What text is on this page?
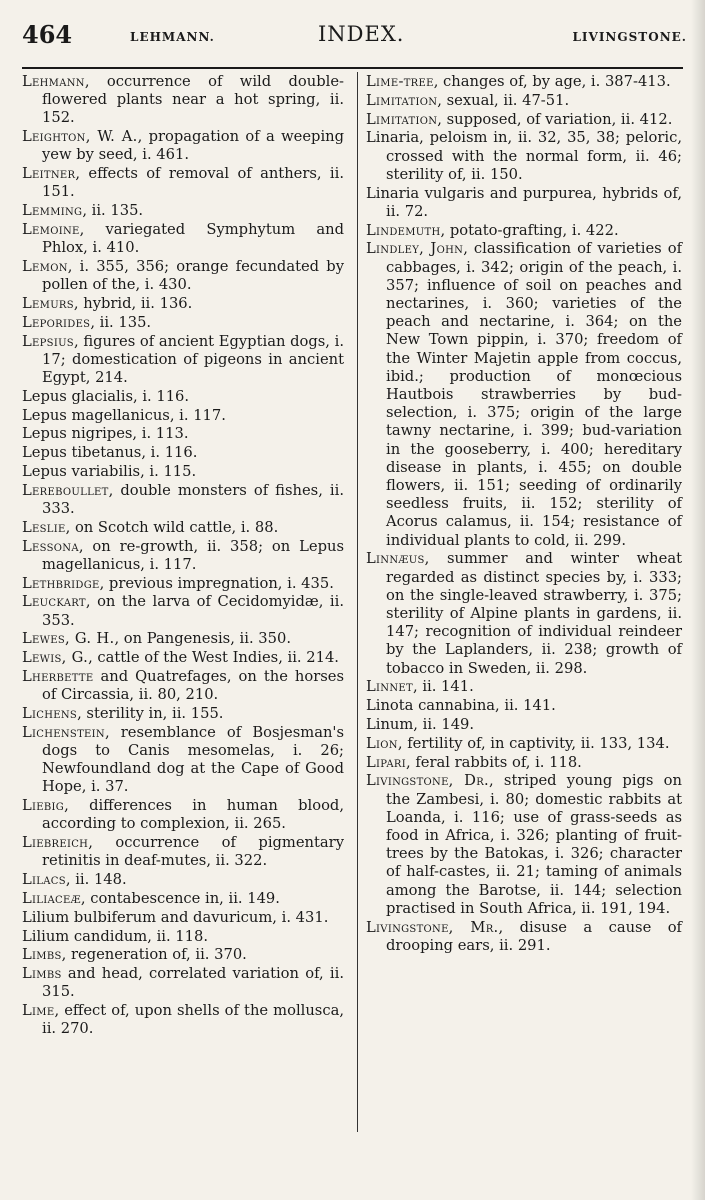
464	LEHMANN.	INDEX.	LIVINGSTONE.

Lehmann, occurrence of wild double-flowered plants near a hot spring, ii. 152.

Leighton, W. A., propagation of a weeping yew by seed, i. 461.

Leitner, effects of removal of anthers, ii. 151.

Lemming, ii. 135.

Lemoine, variegated Symphytum and Phlox, i. 410.

Lemon, i. 355, 356; orange fecundated by pollen of the, i. 430.

Lemurs, hybrid, ii. 136.

Leporides, ii. 135.

Lepsius, figures of ancient Egyptian dogs, i. 17; domestication of pigeons in ancient Egypt, 214.

Lepus glacialis, i. 116.

Lepus magellanicus, i. 117.

Lepus nigripes, i. 113.

Lepus tibetanus, i. 116.

Lepus variabilis, i. 115.

Lereboullet, double monsters of fishes, ii. 333.

Leslie, on Scotch wild cattle, i. 88.

Lessona, on re-growth, ii. 358; on Lepus magellanicus, i. 117.

Lethbridge, previous impregnation, i. 435.

Leuckart, on the larva of Cecidomyidæ, ii. 353.

Lewes, G. H., on Pangenesis, ii. 350.

Lewis, G., cattle of the West Indies, ii. 214.

Lherbette and Quatrefages, on the horses of Circassia, ii. 80, 210.

Lichens, sterility in, ii. 155.

Lichenstein, resemblance of Bosjesman's dogs to Canis mesomelas, i. 26; Newfoundland dog at the Cape of Good Hope, i. 37.

Liebig, differences in human blood, according to complexion, ii. 265.

Liebreich, occurrence of pigmentary retinitis in deaf-mutes, ii. 322.

Lilacs, ii. 148.

Liliaceæ, contabescence in, ii. 149.

Lilium bulbiferum and davuricum, i. 431.

Lilium candidum, ii. 118.

Limbs, regeneration of, ii. 370.

Limbs and head, correlated variation of, ii. 315.

Lime, effect of, upon shells of the mollusca, ii. 270.

Lime-tree, changes of, by age, i. 387-413.

Limitation, sexual, ii. 47-51.

Limitation, supposed, of variation, ii. 412.

Linaria, peloism in, ii. 32, 35, 38; peloric, crossed with the normal form, ii. 46; sterility of, ii. 150.

Linaria vulgaris and purpurea, hybrids of, ii. 72.

Lindemuth, potato-grafting, i. 422.

Lindley, John, classification of varieties of cabbages, i. 342; origin of the peach, i. 357; influence of soil on peaches and nectarines, i. 360; varieties of the peach and nectarine, i. 364; on the New Town pippin, i. 370; freedom of the Winter Majetin apple from coccus, ibid.; production of monœcious Hautbois strawberries by bud-selection, i. 375; origin of the large tawny nectarine, i. 399; bud-variation in the gooseberry, i. 400; hereditary disease in plants, i. 455; on double flowers, ii. 151; seeding of ordinarily seedless fruits, ii. 152; sterility of Acorus calamus, ii. 154; resistance of individual plants to cold, ii. 299.

Linnæus, summer and winter wheat regarded as distinct species by, i. 333; on the single-leaved strawberry, i. 375; sterility of Alpine plants in gardens, ii. 147; recognition of individual reindeer by the Laplanders, ii. 238; growth of tobacco in Sweden, ii. 298.

Linnet, ii. 141.

Linota cannabina, ii. 141.

Linum, ii. 149.

Lion, fertility of, in captivity, ii. 133, 134.

Lipari, feral rabbits of, i. 118.

Livingstone, Dr., striped young pigs on the Zambesi, i. 80; domestic rabbits at Loanda, i. 116; use of grass-seeds as food in Africa, i. 326; planting of fruit-trees by the Batokas, i. 326; character of half-castes, ii. 21; taming of animals among the Barotse, ii. 144; selection practised in South Africa, ii. 191, 194.

Livingstone, Mr., disuse a cause of drooping ears, ii. 291.
